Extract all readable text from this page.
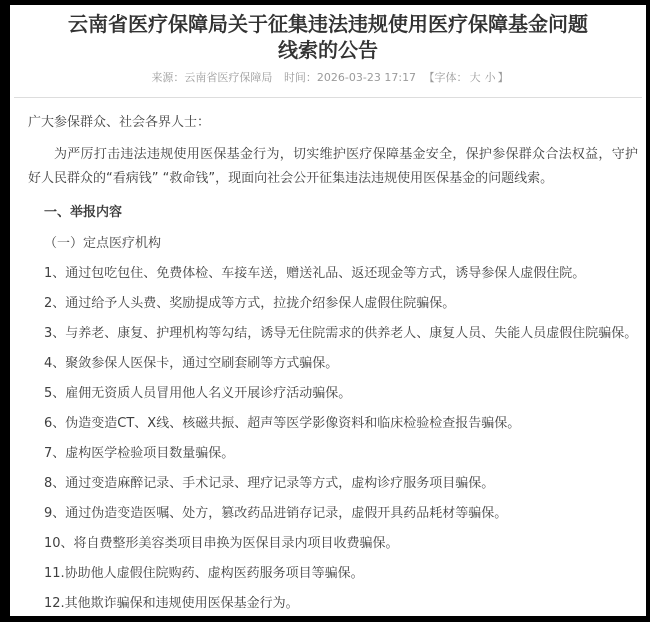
云南省医疗保障局关于征集违法违规使用医疗保障基金问题线索的公告
来源：云南省医疗保障局 时间：2026-03-23 17:17 【字体： 大 小 】

广大参保群众、社会各界人士：

为严厉打击违法违规使用医保基金行为，切实维护医疗保障基金安全，保护参保群众合法权益，守护好人民群众的“看病钱” “救命钱”，现面向社会公开征集违法违规使用医保基金的问题线索。

一、举报内容

（一）定点医疗机构

1、通过包吃包住、免费体检、车接车送，赠送礼品、返还现金等方式，诱导参保人虚假住院。

2、通过给予人头费、奖励提成等方式，拉拢介绍参保人虚假住院骗保。

3、与养老、康复、护理机构等勾结，诱导无住院需求的供养老人、康复人员、失能人员虚假住院骗保。

4、聚敛参保人医保卡，通过空刷套刷等方式骗保。

5、雇佣无资质人员冒用他人名义开展诊疗活动骗保。

6、伪造变造CT、X线、核磁共振、超声等医学影像资料和临床检验检查报告骗保。

7、虚构医学检验项目数量骗保。

8、通过变造麻醉记录、手术记录、理疗记录等方式，虚构诊疗服务项目骗保。

9、通过伪造变造医嘱、处方，篡改药品进销存记录，虚假开具药品耗材等骗保。

10、将自费整形美容类项目串换为医保目录内项目收费骗保。

11.协助他人虚假住院购药、虚构医药服务项目等骗保。

12.其他欺诈骗保和违规使用医保基金行为。
